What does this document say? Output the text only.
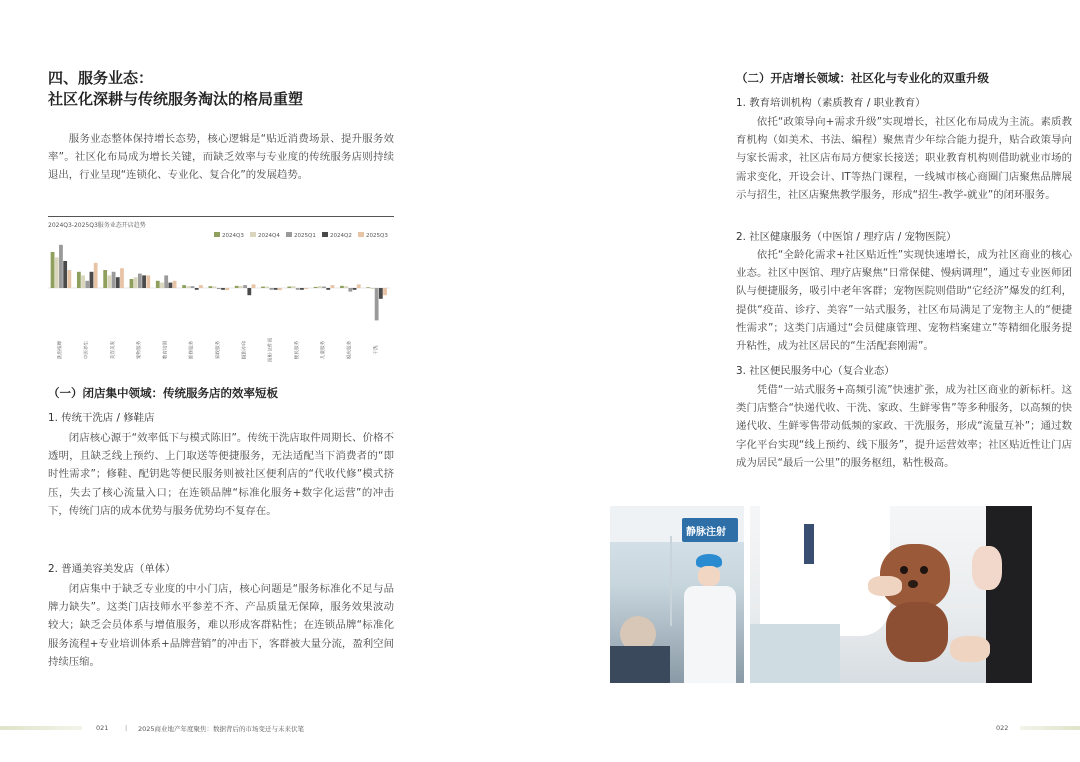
四、服务业态：
社区化深耕与传统服务淘汰的格局重塑
服务业态整体保持增长态势，核心逻辑是“贴近消费场景、提升服务效率”。社区化布局成为增长关键，而缺乏效率与专业度的传统服务店则持续退出，行业呈现“连锁化、专业化、复合化”的发展趋势。
2024Q3-2025Q3服务业态开店趋势
2024Q3	2024Q4	2025Q1	2024Q2	2025Q3
洗浴按摩	中医养生	美容美发	宠物服务	教育培训	维修服务	家政服务	摄影冲印	照相·证件照	便民服务	儿童服务	婚庆服务	干洗
（一）闭店集中领域：传统服务店的效率短板
1. 传统干洗店 / 修鞋店
闭店核心源于“效率低下与模式陈旧”。传统干洗店取件周期长、价格不透明，且缺乏线上预约、上门取送等便捷服务，无法适配当下消费者的“即时性需求”；修鞋、配钥匙等便民服务则被社区便利店的“代收代修”模式挤压，失去了核心流量入口；在连锁品牌“标准化服务+数字化运营”的冲击下，传统门店的成本优势与服务优势均不复存在。
2. 普通美容美发店（单体）
闭店集中于缺乏专业度的中小门店，核心问题是“服务标准化不足与品牌力缺失”。这类门店技师水平参差不齐、产品质量无保障，服务效果波动较大；缺乏会员体系与增值服务，难以形成客群粘性；在连锁品牌“标准化服务流程+专业培训体系+品牌营销”的冲击下，客群被大量分流，盈利空间持续压缩。
021	| 2025商业地产年度聚焦：数据背后的市场变迁与未来伏笔
（二）开店增长领域：社区化与专业化的双重升级
1. 教育培训机构（素质教育 / 职业教育）
依托“政策导向+需求升级”实现增长，社区化布局成为主流。素质教育机构（如美术、书法、编程）聚焦青少年综合能力提升，贴合政策导向与家长需求，社区店布局方便家长接送；职业教育机构则借助就业市场的需求变化，开设会计、IT等热门课程，一线城市核心商圈门店聚焦品牌展示与招生，社区店聚焦教学服务，形成“招生-教学-就业”的闭环服务。
2. 社区健康服务（中医馆 / 理疗店 / 宠物医院）
依托“全龄化需求+社区贴近性”实现快速增长，成为社区商业的核心业态。社区中医馆、理疗店聚焦“日常保健、慢病调理”，通过专业医师团队与便捷服务，吸引中老年客群；宠物医院则借助“它经济”爆发的红利，提供“疫苗、诊疗、美容”一站式服务，社区布局满足了宠物主人的“便捷性需求”；这类门店通过“会员健康管理、宠物档案建立”等精细化服务提升粘性，成为社区居民的“生活配套刚需”。
3. 社区便民服务中心（复合业态）
凭借“一站式服务+高频引流”快速扩张，成为社区商业的新标杆。这类门店整合“快递代收、干洗、家政、生鲜零售”等多种服务，以高频的快递代收、生鲜零售带动低频的家政、干洗服务，形成“流量互补”；通过数字化平台实现“线上预约、线下服务”，提升运营效率；社区贴近性让门店成为居民“最后一公里”的服务枢纽，粘性极高。
静脉注射
022
